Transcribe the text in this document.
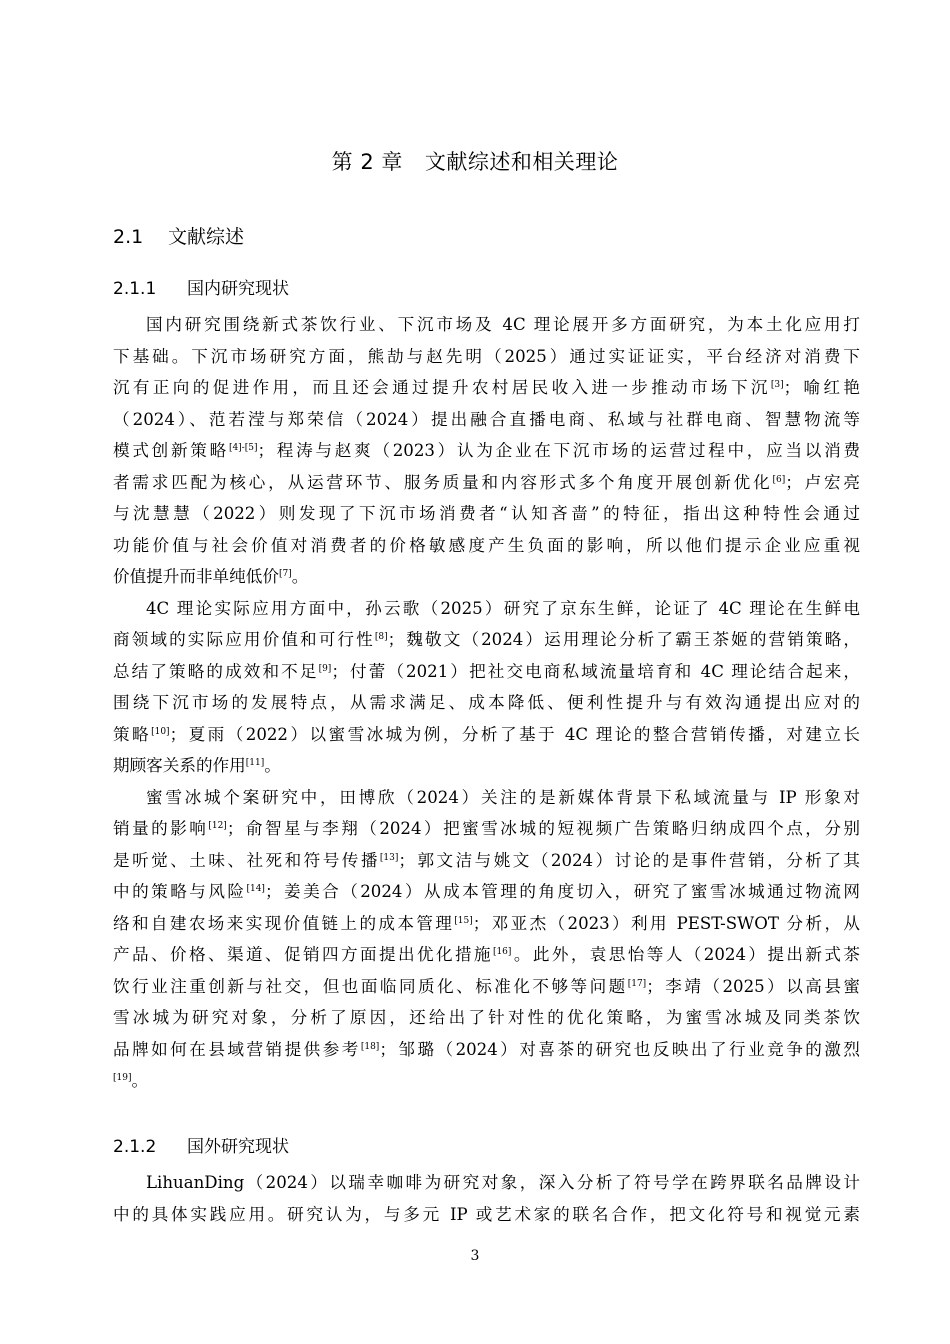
第 2 章 文献综述和相关理论
2.1 文献综述
2.1.1 国内研究现状
国内研究围绕新式茶饮行业、下沉市场及 4C 理论展开多方面研究，为本土化应用打
下基础。下沉市场研究方面，熊劼与赵先明（2025）通过实证证实，平台经济对消费下
沉有正向的促进作用，而且还会通过提升农村居民收入进一步推动市场下沉[3]；喻红艳
（2024）、范若滢与郑荣信（2024）提出融合直播电商、私域与社群电商、智慧物流等
模式创新策略[4]-[5]；程涛与赵爽（2023）认为企业在下沉市场的运营过程中，应当以消费
者需求匹配为核心，从运营环节、服务质量和内容形式多个角度开展创新优化[6]；卢宏亮
与沈慧慧（2022）则发现了下沉市场消费者“认知吝啬”的特征，指出这种特性会通过
功能价值与社会价值对消费者的价格敏感度产生负面的影响，所以他们提示企业应重视
价值提升而非单纯低价[7]。
4C 理论实际应用方面中，孙云歌（2025）研究了京东生鲜，论证了 4C 理论在生鲜电
商领域的实际应用价值和可行性[8]；魏敬文（2024）运用理论分析了霸王茶姬的营销策略，
总结了策略的成效和不足[9]；付蕾（2021）把社交电商私域流量培育和 4C 理论结合起来，
围绕下沉市场的发展特点，从需求满足、成本降低、便利性提升与有效沟通提出应对的
策略[10]；夏雨（2022）以蜜雪冰城为例，分析了基于 4C 理论的整合营销传播，对建立长
期顾客关系的作用[11]。
蜜雪冰城个案研究中，田博欣（2024）关注的是新媒体背景下私域流量与 IP 形象对
销量的影响[12]；俞智星与李翔（2024）把蜜雪冰城的短视频广告策略归纳成四个点，分别
是听觉、土味、社死和符号传播[13]；郭文洁与姚文（2024）讨论的是事件营销，分析了其
中的策略与风险[14]；姜美合（2024）从成本管理的角度切入，研究了蜜雪冰城通过物流网
络和自建农场来实现价值链上的成本管理[15]；邓亚杰（2023）利用 PEST-SWOT 分析，从
产品、价格、渠道、促销四方面提出优化措施[16]。此外，袁思怡等人（2024）提出新式茶
饮行业注重创新与社交，但也面临同质化、标准化不够等问题[17]；李靖（2025）以高县蜜
雪冰城为研究对象，分析了原因，还给出了针对性的优化策略，为蜜雪冰城及同类茶饮
品牌如何在县域营销提供参考[18]；邹璐（2024）对喜茶的研究也反映出了行业竞争的激烈
[19]。
2.1.2 国外研究现状
LihuanDing（2024）以瑞幸咖啡为研究对象，深入分析了符号学在跨界联名品牌设计
中的具体实践应用。研究认为，与多元 IP 或艺术家的联名合作，把文化符号和视觉元素
3
